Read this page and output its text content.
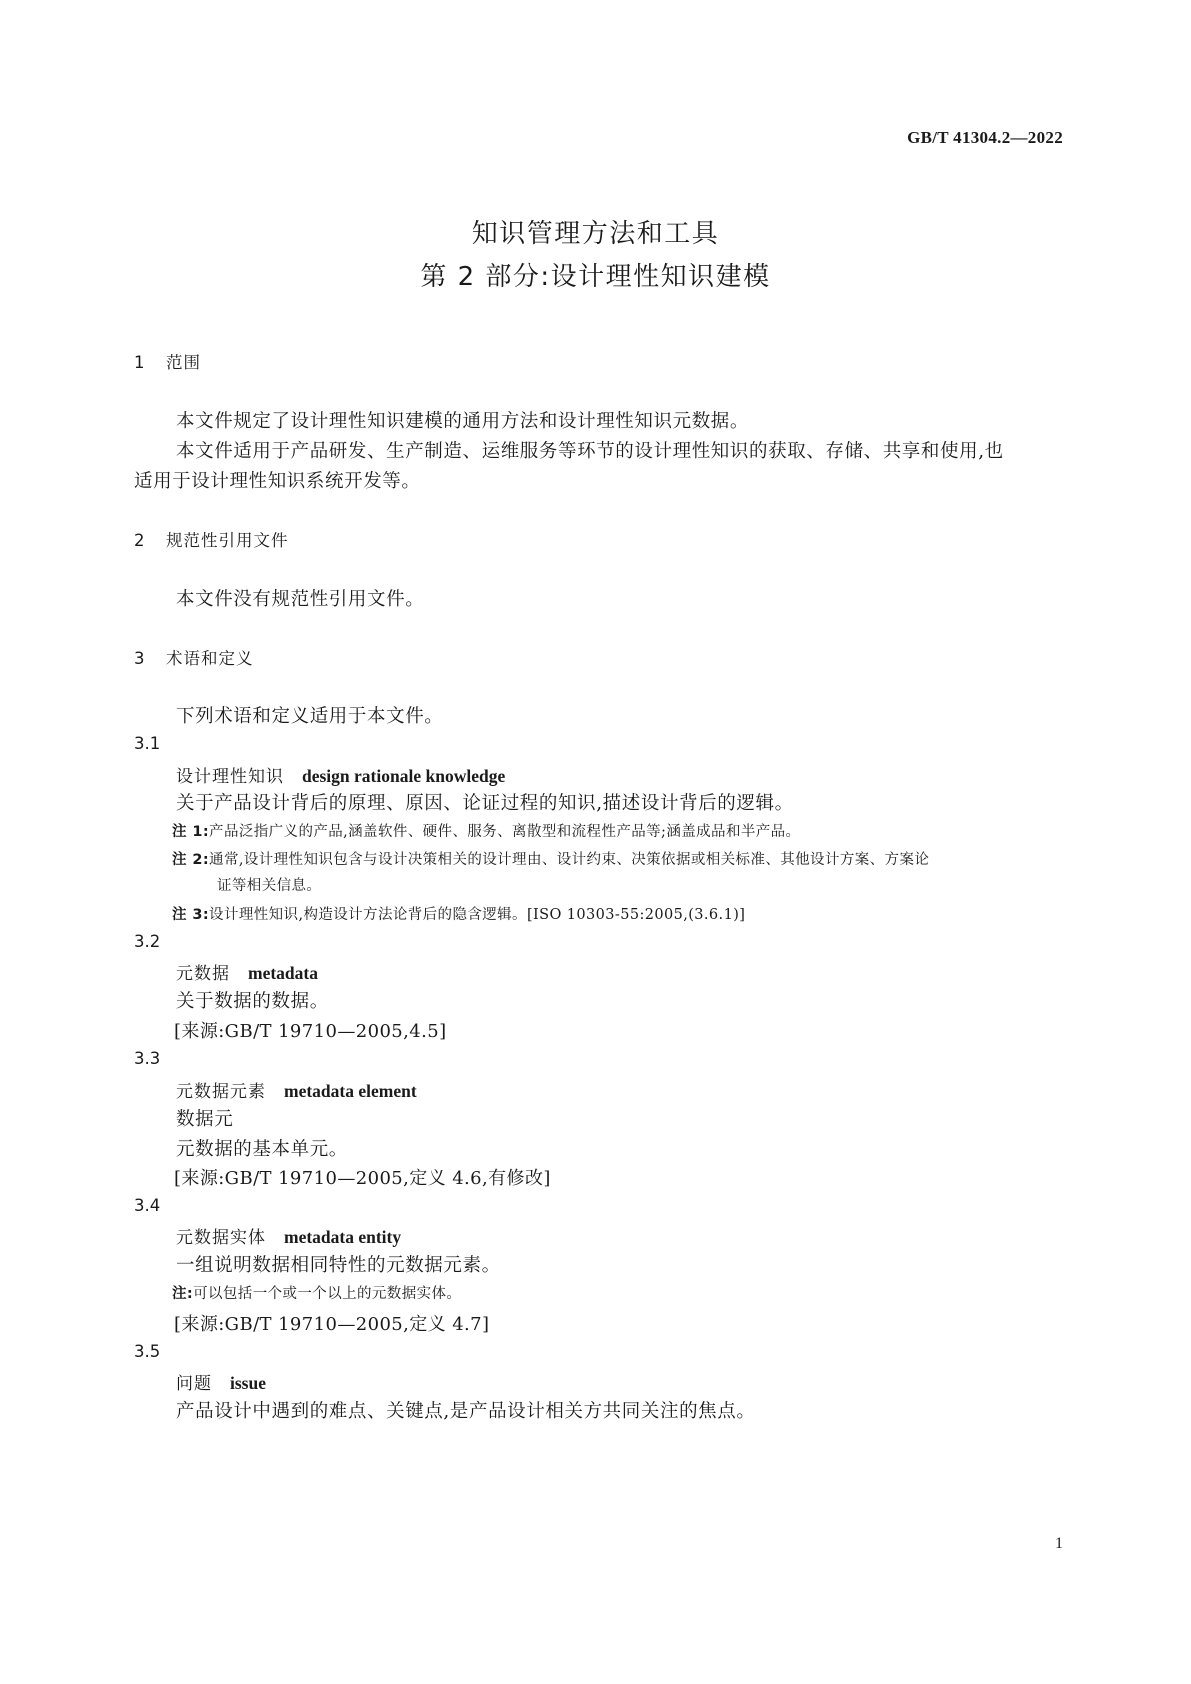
GB/T 41304.2—2022
知识管理方法和工具
第 2 部分:设计理性知识建模
1 范围
本文件规定了设计理性知识建模的通用方法和设计理性知识元数据。
本文件适用于产品研发、生产制造、运维服务等环节的设计理性知识的获取、存储、共享和使用,也
适用于设计理性知识系统开发等。
2 规范性引用文件
本文件没有规范性引用文件。
3 术语和定义
下列术语和定义适用于本文件。
3.1
设计理性知识 design rationale knowledge
关于产品设计背后的原理、原因、论证过程的知识,描述设计背后的逻辑。
注 1:产品泛指广义的产品,涵盖软件、硬件、服务、离散型和流程性产品等;涵盖成品和半产品。
注 2:通常,设计理性知识包含与设计决策相关的设计理由、设计约束、决策依据或相关标准、其他设计方案、方案论
证等相关信息。
注 3:设计理性知识,构造设计方法论背后的隐含逻辑。[ISO 10303-55:2005,(3.6.1)]
3.2
元数据 metadata
关于数据的数据。
[来源:GB/T 19710—2005,4.5]
3.3
元数据元素 metadata element
数据元
元数据的基本单元。
[来源:GB/T 19710—2005,定义 4.6,有修改]
3.4
元数据实体 metadata entity
一组说明数据相同特性的元数据元素。
注:可以包括一个或一个以上的元数据实体。
[来源:GB/T 19710—2005,定义 4.7]
3.5
问题 issue
产品设计中遇到的难点、关键点,是产品设计相关方共同关注的焦点。
1
